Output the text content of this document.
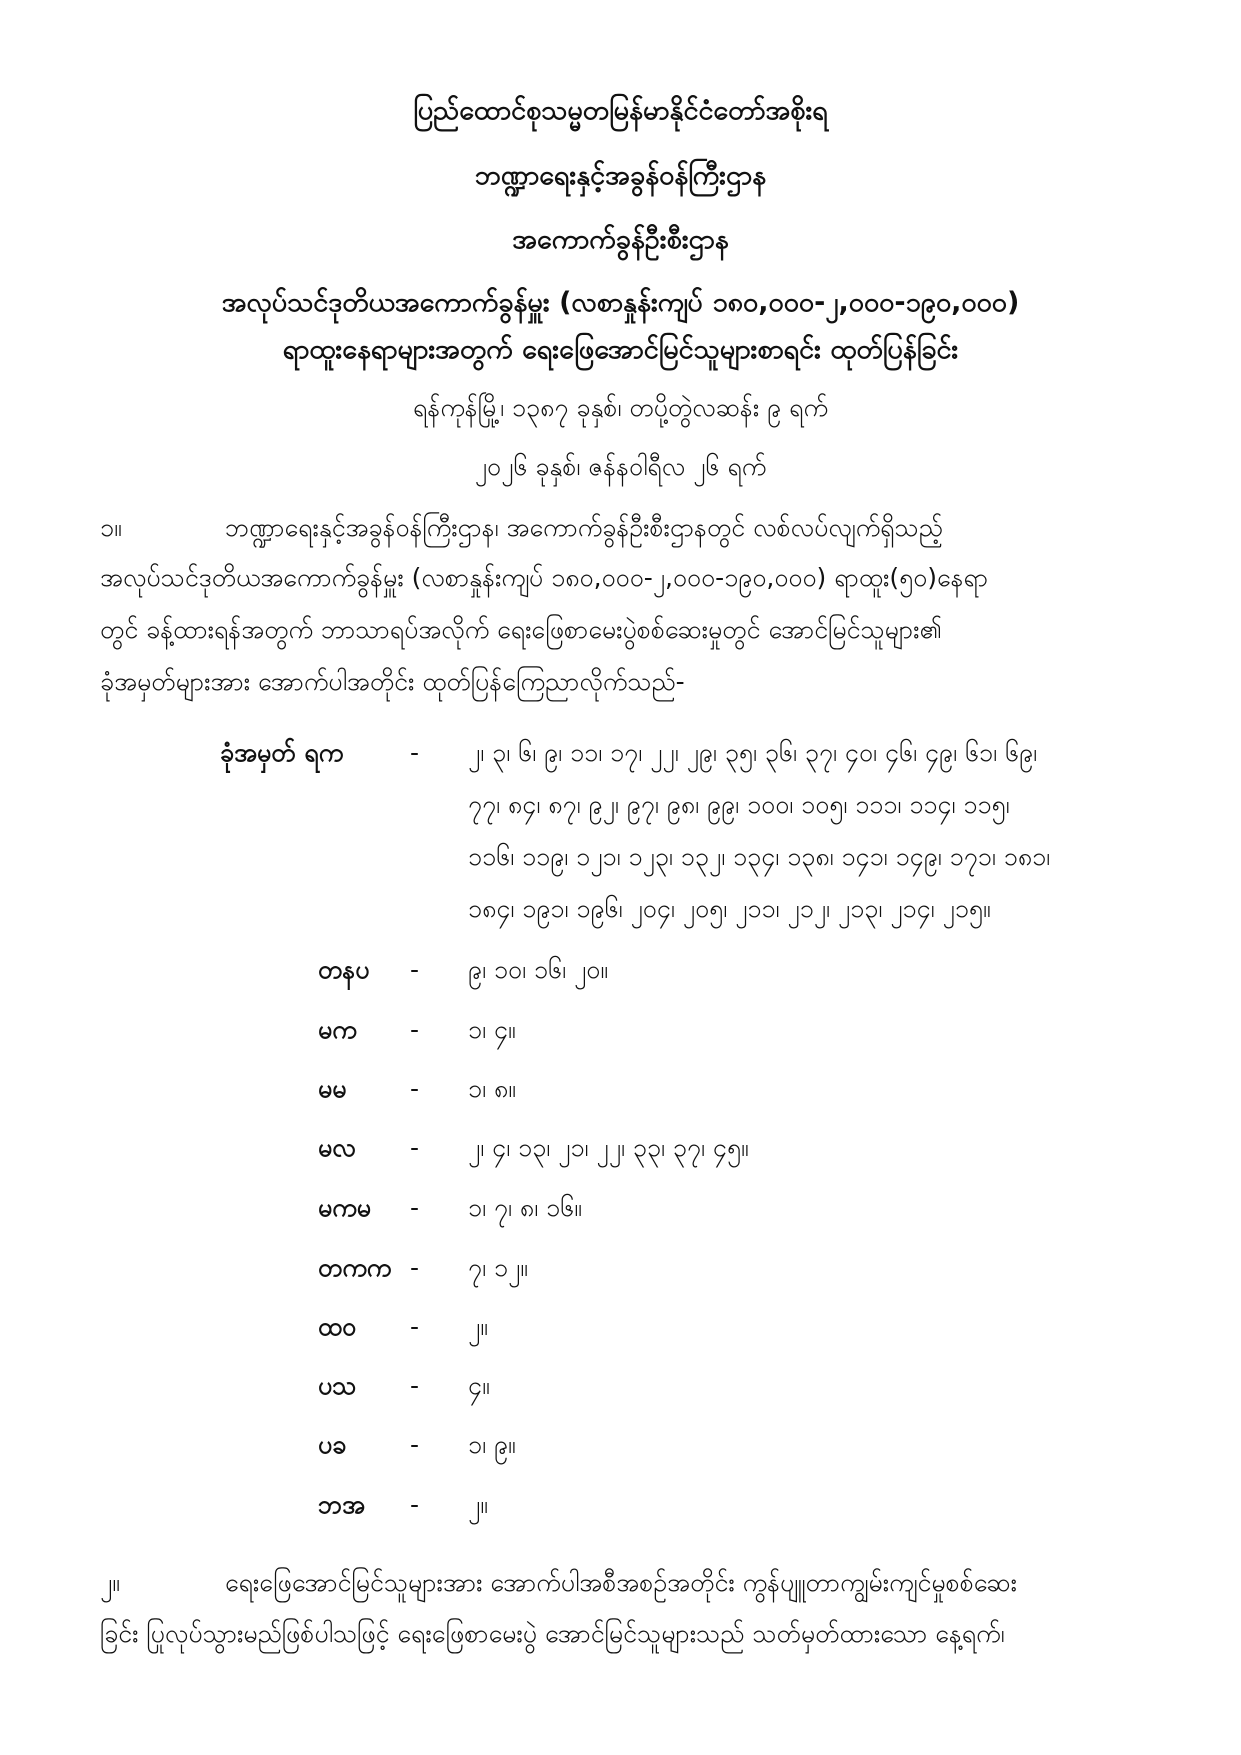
ပြည်ထောင်စုသမ္မတမြန်မာနိုင်ငံတော်အစိုးရ
ဘဏ္ဍာရေးနှင့်အခွန်ဝန်ကြီးဌာန
အကောက်ခွန်ဦးစီးဌာန
အလုပ်သင်ဒုတိယအကောက်ခွန်မှူး (လစာနှုန်းကျပ် ၁၈၀,၀၀၀-၂,၀၀၀-၁၉၀,၀၀၀)
ရာထူးနေရာများအတွက် ရေးဖြေအောင်မြင်သူများစာရင်း ထုတ်ပြန်ခြင်း
ရန်ကုန်မြို့၊ ၁၃၈၇ ခုနှစ်၊ တပို့တွဲလဆန်း ၉ ရက်
၂၀၂၆ ခုနှစ်၊ ဇန်နဝါရီလ ၂၆ ရက်
၁။	ဘဏ္ဍာရေးနှင့်အခွန်ဝန်ကြီးဌာန၊ အကောက်ခွန်ဦးစီးဌာနတွင် လစ်လပ်လျက်ရှိသည့်
အလုပ်သင်ဒုတိယအကောက်ခွန်မှူး (လစာနှုန်းကျပ် ၁၈၀,၀၀၀-၂,၀၀၀-၁၉၀,၀၀၀) ရာထူး(၅၀)နေရာ
တွင် ခန့်ထားရန်အတွက် ဘာသာရပ်အလိုက် ရေးဖြေစာမေးပွဲစစ်ဆေးမှုတွင် အောင်မြင်သူများ၏
ခုံအမှတ်များအား အောက်ပါအတိုင်း ထုတ်ပြန်ကြေညာလိုက်သည်-
ခုံအမှတ် ရက	- ၂၊ ၃၊ ၆၊ ၉၊ ၁၁၊ ၁၇၊ ၂၂၊ ၂၉၊ ၃၅၊ ၃၆၊ ၃၇၊ ၄၀၊ ၄၆၊ ၄၉၊ ၆၁၊ ၆၉၊
၇၇၊ ၈၄၊ ၈၇၊ ၉၂၊ ၉၇၊ ၉၈၊ ၉၉၊ ၁၀၀၊ ၁၀၅၊ ၁၁၁၊ ၁၁၄၊ ၁၁၅၊
၁၁၆၊ ၁၁၉၊ ၁၂၁၊ ၁၂၃၊ ၁၃၂၊ ၁၃၄၊ ၁၃၈၊ ၁၄၁၊ ၁၄၉၊ ၁၇၁၊ ၁၈၁၊
၁၈၄၊ ၁၉၁၊ ၁၉၆၊ ၂၀၄၊ ၂၀၅၊ ၂၁၁၊ ၂၁၂၊ ၂၁၃၊ ၂၁၄၊ ၂၁၅။
တနပ - ၉၊ ၁၀၊ ၁၆၊ ၂၀။
မက - ၁၊ ၄။
မမ	- ၁၊ ၈။
မလ - ၂၊ ၄၊ ၁၃၊ ၂၁၊ ၂၂၊ ၃၃၊ ၃၇၊ ၄၅။
မကမ - ၁၊ ၇၊ ၈၊ ၁၆။
တကက - ၇၊ ၁၂။
ထဝ - ၂။
ပသ - ၄။
ပခ	- ၁၊ ၉။
ဘအ - ၂။
၂။	ရေးဖြေအောင်မြင်သူများအား အောက်ပါအစီအစဉ်အတိုင်း ကွန်ပျူတာကျွမ်းကျင်မှုစစ်ဆေး
ခြင်း ပြုလုပ်သွားမည်ဖြစ်ပါသဖြင့် ရေးဖြေစာမေးပွဲ အောင်မြင်သူများသည် သတ်မှတ်ထားသော နေ့ရက်၊
